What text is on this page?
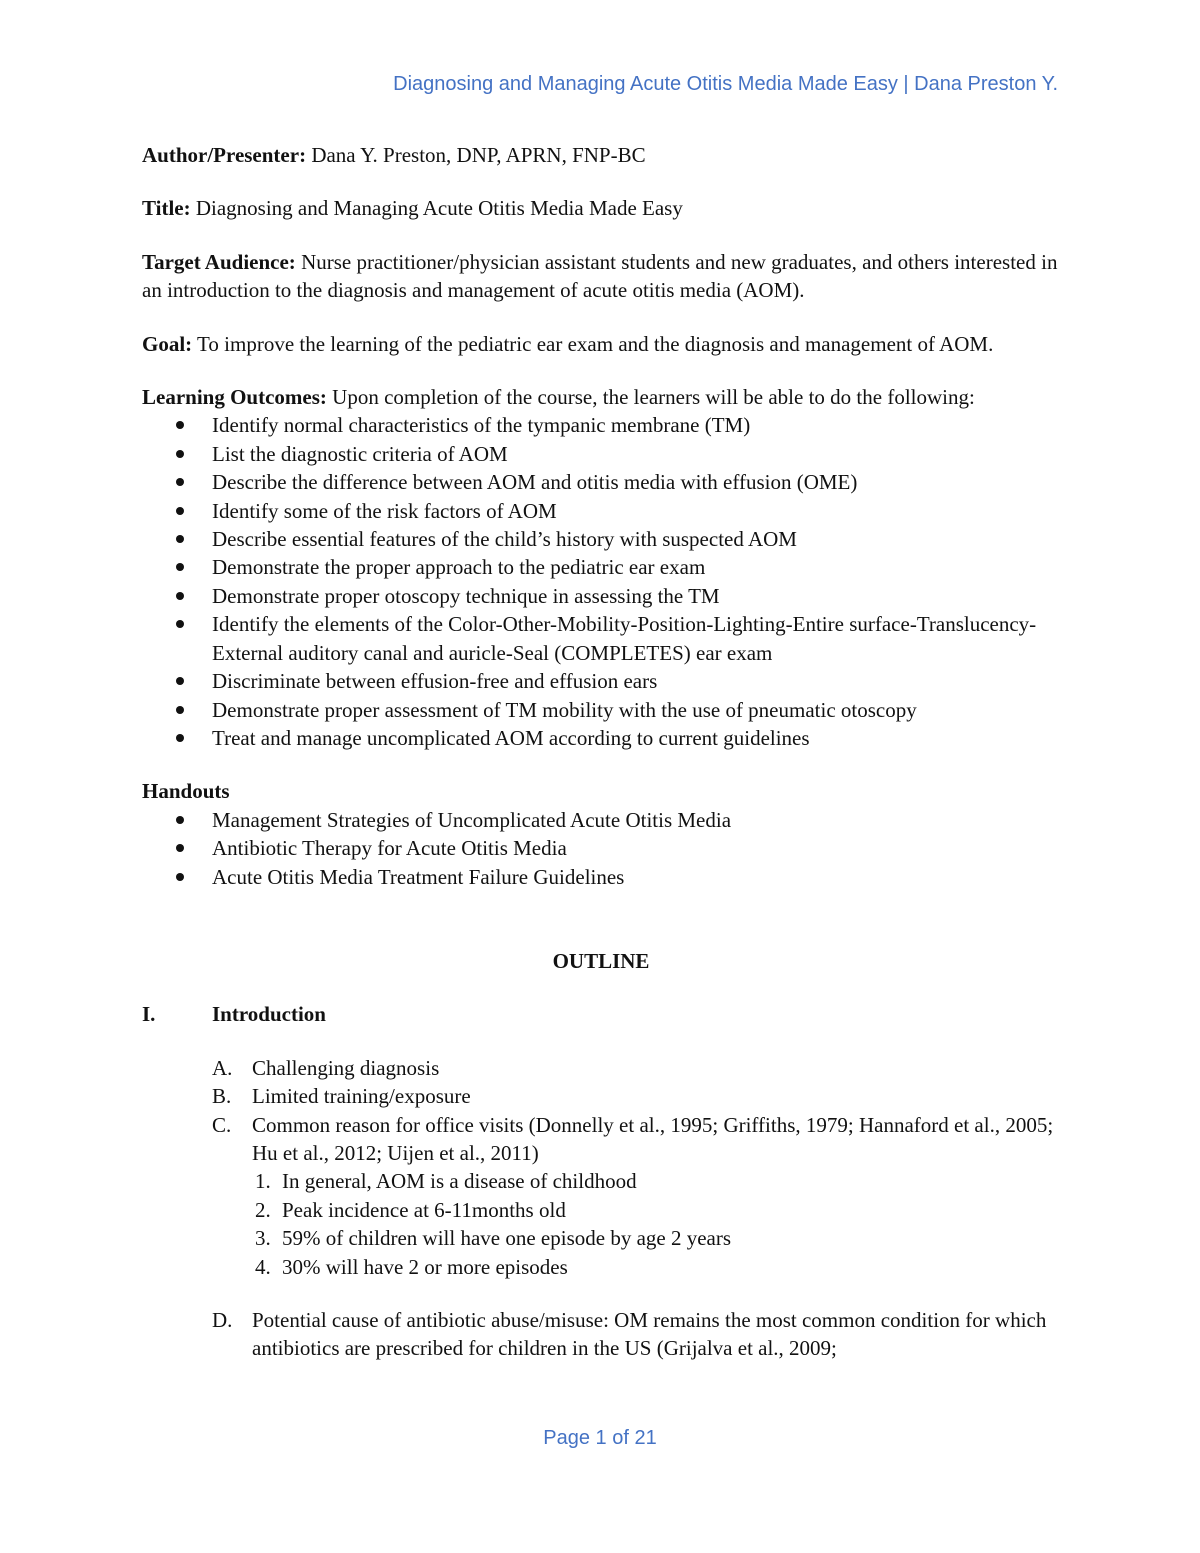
Diagnosing and Managing Acute Otitis Media Made Easy | Dana Preston Y.

Author/Presenter: Dana Y. Preston, DNP, APRN, FNP-BC

Title: Diagnosing and Managing Acute Otitis Media Made Easy

Target Audience: Nurse practitioner/physician assistant students and new graduates, and others interested in an introduction to the diagnosis and management of acute otitis media (AOM).

Goal: To improve the learning of the pediatric ear exam and the diagnosis and management of AOM.

Learning Outcomes: Upon completion of the course, the learners will be able to do the following:

Identify normal characteristics of the tympanic membrane (TM)
List the diagnostic criteria of AOM
Describe the difference between AOM and otitis media with effusion (OME)
Identify some of the risk factors of AOM
Describe essential features of the child’s history with suspected AOM
Demonstrate the proper approach to the pediatric ear exam
Demonstrate proper otoscopy technique in assessing the TM
Identify the elements of the Color-Other-Mobility-Position-Lighting-Entire surface-Translucency-External auditory canal and auricle-Seal (COMPLETES) ear exam
Discriminate between effusion-free and effusion ears
Demonstrate proper assessment of TM mobility with the use of pneumatic otoscopy
Treat and manage uncomplicated AOM according to current guidelines

Handouts

Management Strategies of Uncomplicated Acute Otitis Media
Antibiotic Therapy for Acute Otitis Media
Acute Otitis Media Treatment Failure Guidelines

OUTLINE

I.	Introduction
A. Challenging diagnosis
B. Limited training/exposure
C. Common reason for office visits (Donnelly et al., 1995; Griffiths, 1979; Hannaford et al., 2005; Hu et al., 2012; Uijen et al., 2011)
1. In general, AOM is a disease of childhood
2. Peak incidence at 6-11months old
3. 59% of children will have one episode by age 2 years
4. 30% will have 2 or more episodes
D. Potential cause of antibiotic abuse/misuse: OM remains the most common condition for which antibiotics are prescribed for children in the US (Grijalva et al., 2009;
Page 1 of 21
